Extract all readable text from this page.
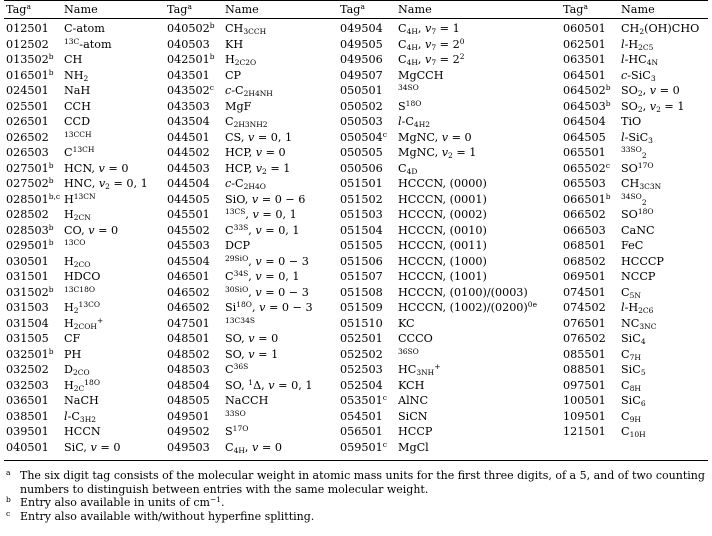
Tag$^a$	Name	Tag$^a$	Name	Tag$^a$	Name	Tag$^a$	Name
012501	C-atom	040502$^b$	$CH_{3CCH}$	049504	$C_{4H}$, $v_7 = 1$	060501	$CH_2(OH)CHO$
012502	$^{13C}$-atom	040503	KH	049505	$C_{4H}$, $v_7 = 2^0$	062501	$l-H_{2C5}$
013502$^b$	CH	042501$^b$	$H_{2C2O}$	049506	$C_{4H}$, $v_7 = 2^2$	063501	$l-HC_{4N}$
016501$^b$	$NH_2$	043501	CP	049507	MgCCH	064501	c-SiC$_3$
024501	NaH	043502$^c$	$c-C_{2H4NH}$	050501	$^{34SO}$	064502$^b$	$SO_2$, v = 0
025501	CCH	043503	MgF	050502	$S^{18O}$	064503$^b$	$SO_2$, $v_2 = 1$
026501	CCD	043504	$C_{2H3NH2}$	050503	$l-C_{4H2}$	064504	TiO
026502	$^{13CCH}$	044501	CS, v = 0, 1	050504$^c$	MgNC, v = 0	064505	l-SiC$_3$
026503	$C^{13CH}$	044502	HCP, v = 0	050505	MgNC, $v_2 = 1$	065501	$^{33SO}_2$
027501$^b$	HCN, v = 0	044503	HCP, $v_2 = 1$	050506	$C_{4D}$	065502$^c$	$SO^{17O}$
027502$^b$	HNC, $v_2 = 0$, 1	044504	$c-C_{2H4O}$	051501	HCCCN, (0000)	065503	$CH_{3C3N}$
028501$^{b,c}$	$H^{13CN}$	044505	SiO, v = 0 − 6	051502	HCCCN, (0001)	066501$^b$	$^{34SO}_2$
028502	$H_{2CN}$	045501	$^{13CS}$, v = 0, 1	051503	HCCCN, (0002)	066502	$SO^{18O}$
028503$^b$	CO, v = 0	045502	$C^{33S}$, v = 0, 1	051504	HCCCN, (0010)	066503	CaNC
029501$^b$	$^{13CO}$	045503	DCP	051505	HCCCN, (0011)	068501	FeC
030501	$H_{2CO}$	045504	$^{29SiO}$, v = 0 − 3	051506	HCCCN, (1000)	068502	HCCCP
031501	HDCO	046501	$C^{34S}$, v = 0, 1	051507	HCCCN, (1001)	069501	NCCP
031502$^b$	$^{13C18O}$	046502	$^{30SiO}$, v = 0 − 3	051508	HCCCN, (0100)/(0003)	074501	$C_{5N}$
031503	$H_2^{13CO}$	046502	$Si^{18O}$, v = 0 − 3	051509	HCCCN, $(1002)/(0200)^{0e}$	074502	$l-H_{2C6}$
031504	$H_{2COH}^+$	047501	$^{13C34S}$	051510	KC	076501	$NC_{3NC}$
031505	CF	048501	SO, v = 0	052501	CCCO	076502	SiC$_4$
032501$^b$	PH	048502	SO, v = 1	052502	$^{36SO}$	085501	$C_{7H}$
032502	$D_{2CO}$	048503	$C^{36S}$	052503	$HC_{3NH}^+$	088501	SiC$_5$
032503	$H_{2C}^{18O}$	048504	SO, $^1$Δ, v = 0, 1	052504	KCH	097501	$C_{8H}$
036501	NaCH	048505	NaCCH	053501$^c$	AlNC	100501	SiC$_6$
038501	$l-C_{3H2}$	049501	$^{33SO}$	054501	SiCN	109501	$C_{9H}$
039501	HCCN	049502	$S^{17O}$	056501	HCCP	121501	$C_{10H}$
040501	SiC, v = 0	049503	$C_{4H}$, v = 0	059501$^c$	MgCl		
a The six digit tag consists of the molecular weight in atomic mass units for the first three digits, of a 5, and of two counting numbers to distinguish between entries with the same molecular weight.
b Entry also available in units of $cm^{-1}$.
c Entry also available with/without hyperfine splitting.
